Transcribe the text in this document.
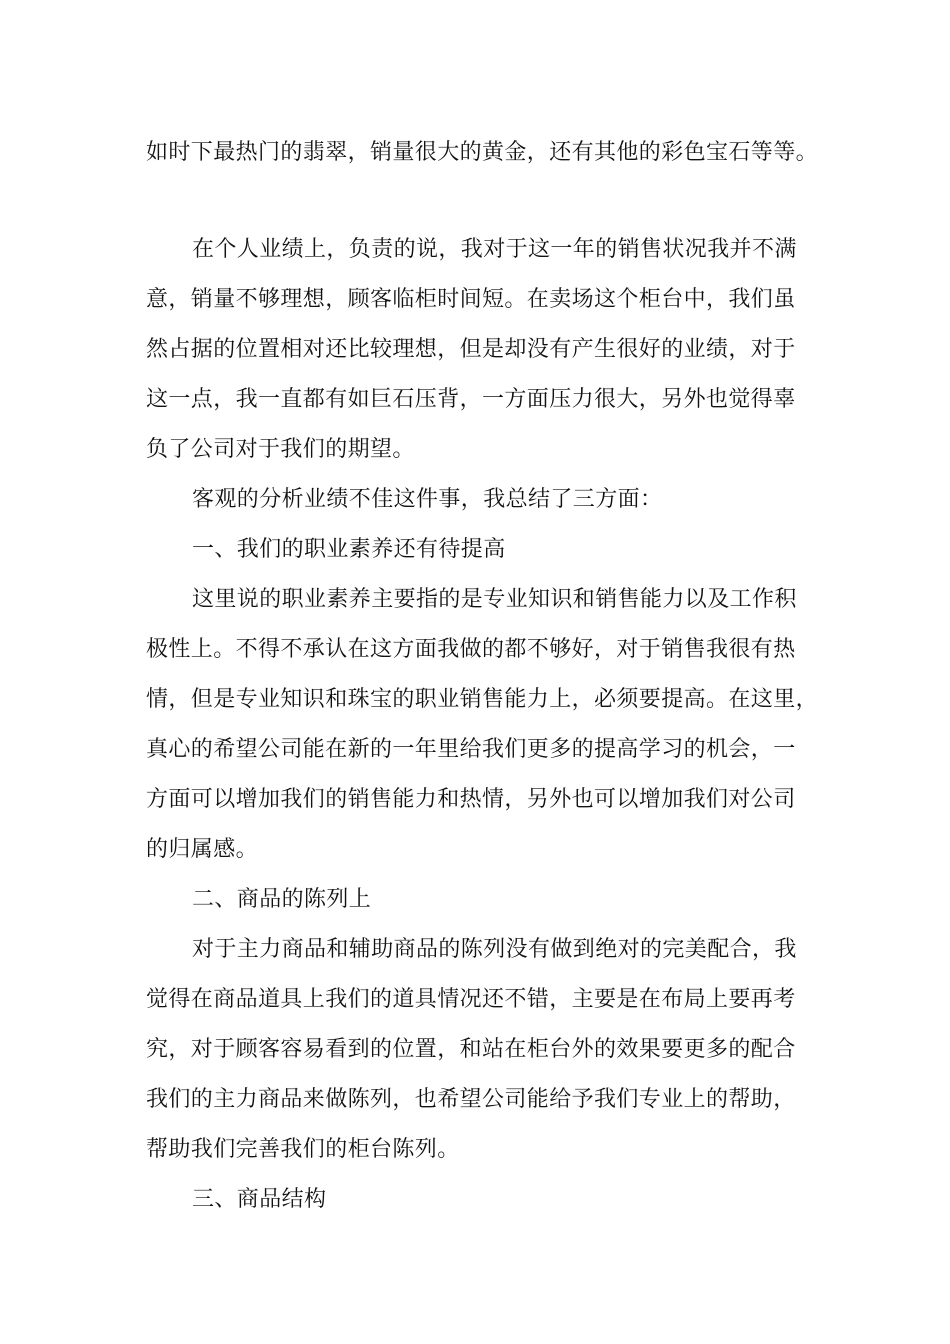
如时下最热门的翡翠，销量很大的黄金，还有其他的彩色宝石等等。

在个人业绩上，负责的说，我对于这一年的销售状况我并不满

意，销量不够理想，顾客临柜时间短。在卖场这个柜台中，我们虽

然占据的位置相对还比较理想，但是却没有产生很好的业绩，对于

这一点，我一直都有如巨石压背，一方面压力很大，另外也觉得辜

负了公司对于我们的期望。

客观的分析业绩不佳这件事，我总结了三方面：

一、我们的职业素养还有待提高

这里说的职业素养主要指的是专业知识和销售能力以及工作积

极性上。不得不承认在这方面我做的都不够好，对于销售我很有热

情，但是专业知识和珠宝的职业销售能力上，必须要提高。在这里，

真心的希望公司能在新的一年里给我们更多的提高学习的机会，一

方面可以增加我们的销售能力和热情，另外也可以增加我们对公司

的归属感。

二、商品的陈列上

对于主力商品和辅助商品的陈列没有做到绝对的完美配合，我

觉得在商品道具上我们的道具情况还不错，主要是在布局上要再考

究，对于顾客容易看到的位置，和站在柜台外的效果要更多的配合

我们的主力商品来做陈列，也希望公司能给予我们专业上的帮助，

帮助我们完善我们的柜台陈列。

三、商品结构
